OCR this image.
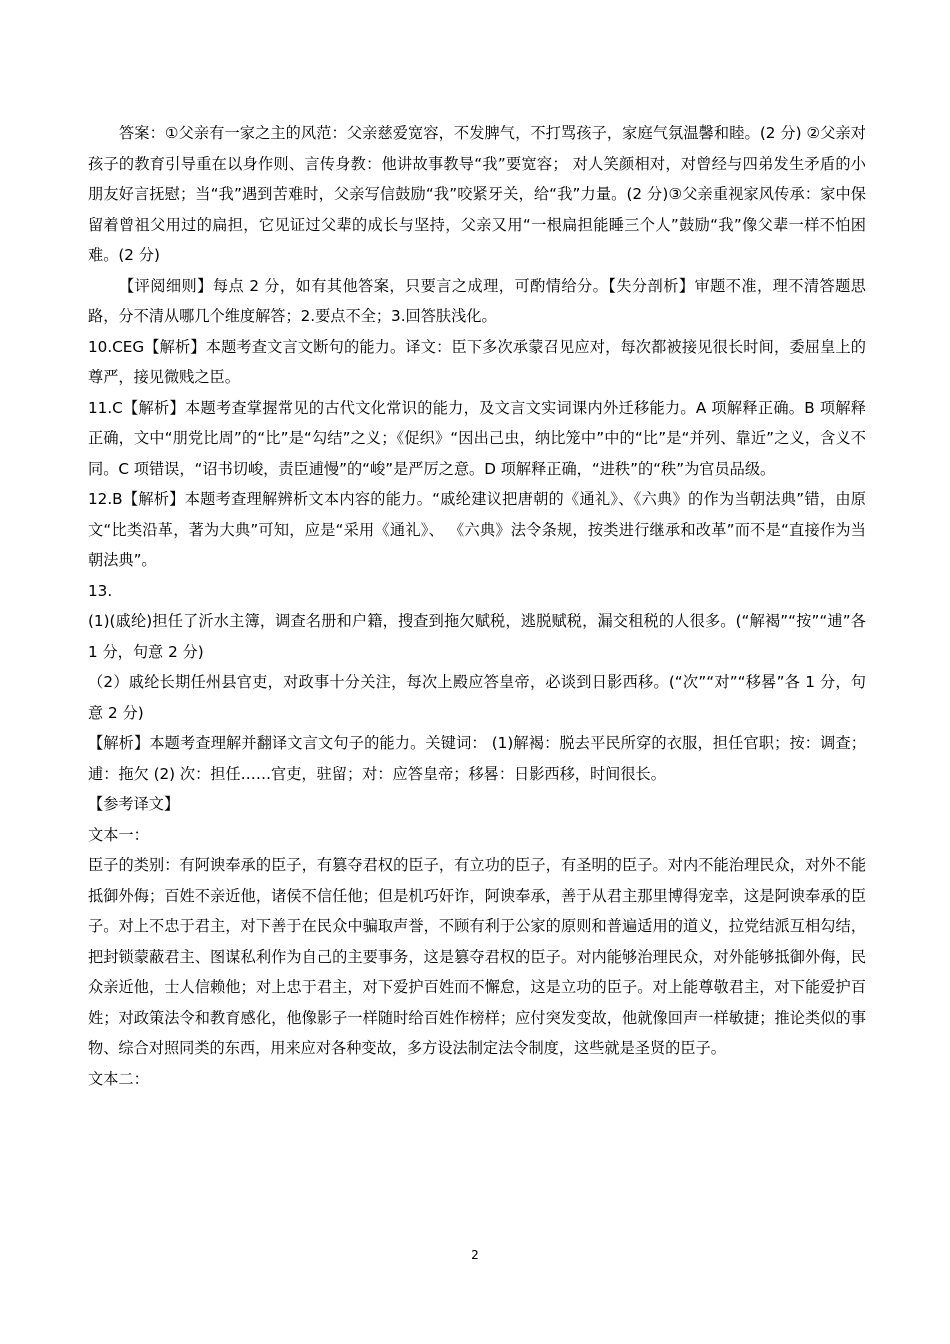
答案：①父亲有一家之主的风范：父亲慈爱宽容，不发脾气，不打骂孩子，家庭气氛温馨和睦。(2 分) ②父亲对孩子的教育引导重在以身作则、言传身教：他讲故事教导“我”要宽容； 对人笑颜相对，对曾经与四弟发生矛盾的小朋友好言抚慰；当“我”遇到苦难时，父亲写信鼓励“我”咬紧牙关，给“我”力量。(2 分)③父亲重视家风传承：家中保留着曾祖父用过的扁担，它见证过父辈的成长与坚持，父亲又用“一根扁担能睡三个人”鼓励“我”像父辈一样不怕困难。(2 分)

【评阅细则】每点 2 分，如有其他答案，只要言之成理，可酌情给分。【失分剖析】审题不准，理不清答题思路，分不清从哪几个维度解答；2.要点不全；3.回答肤浅化。

10.CEG【解析】本题考查文言文断句的能力。译文：臣下多次承蒙召见应对，每次都被接见很长时间，委屈皇上的尊严，接见微贱之臣。

11.C【解析】本题考查掌握常见的古代文化常识的能力，及文言文实词课内外迁移能力。A 项解释正确。B 项解释正确，文中“朋党比周”的“比”是“勾结”之义；《促织》“因出己虫，纳比笼中”中的“比”是“并列、靠近”之义，含义不同。C 项错误，“诏书切峻，责臣逋慢”的“峻”是严厉之意。D 项解释正确，“进秩”的“秩”为官员品级。

12.B【解析】本题考查理解辨析文本内容的能力。“戚纶建议把唐朝的《通礼》、《六典》的作为当朝法典”错，由原文“比类沿革，著为大典”可知，应是“采用《通礼》、 《六典》法令条规，按类进行继承和改革”而不是“直接作为当朝法典”。

13.

(1)(戚纶)担任了沂水主簿，调查名册和户籍，搜查到拖欠赋税，逃脱赋税，漏交租税的人很多。(“解褐”“按”“逋”各 1 分，句意 2 分)

（2）戚纶长期任州县官吏，对政事十分关注，每次上殿应答皇帝，必谈到日影西移。(“次”“对”“移晷”各 1 分，句意 2 分)

【解析】本题考查理解并翻译文言文句子的能力。关键词： (1)解褐：脱去平民所穿的衣服，担任官职；按：调查；逋：拖欠 (2) 次：担任……官吏，驻留；对：应答皇帝；移晷：日影西移，时间很长。

【参考译文】

文本一：

臣子的类别：有阿谀奉承的臣子，有篡夺君权的臣子，有立功的臣子，有圣明的臣子。对内不能治理民众，对外不能抵御外侮；百姓不亲近他，诸侯不信任他；但是机巧奸诈，阿谀奉承，善于从君主那里博得宠幸，这是阿谀奉承的臣子。对上不忠于君主，对下善于在民众中骗取声誉，不顾有利于公家的原则和普遍适用的道义，拉党结派互相勾结，把封锁蒙蔽君主、图谋私利作为自己的主要事务，这是篡夺君权的臣子。对内能够治理民众，对外能够抵御外侮，民众亲近他，士人信赖他；对上忠于君主，对下爱护百姓而不懈怠，这是立功的臣子。对上能尊敬君主，对下能爱护百姓；对政策法令和教育感化，他像影子一样随时给百姓作榜样；应付突发变故，他就像回声一样敏捷；推论类似的事物、综合对照同类的东西，用来应对各种变故，多方设法制定法令制度，这些就是圣贤的臣子。

文本二：

2
